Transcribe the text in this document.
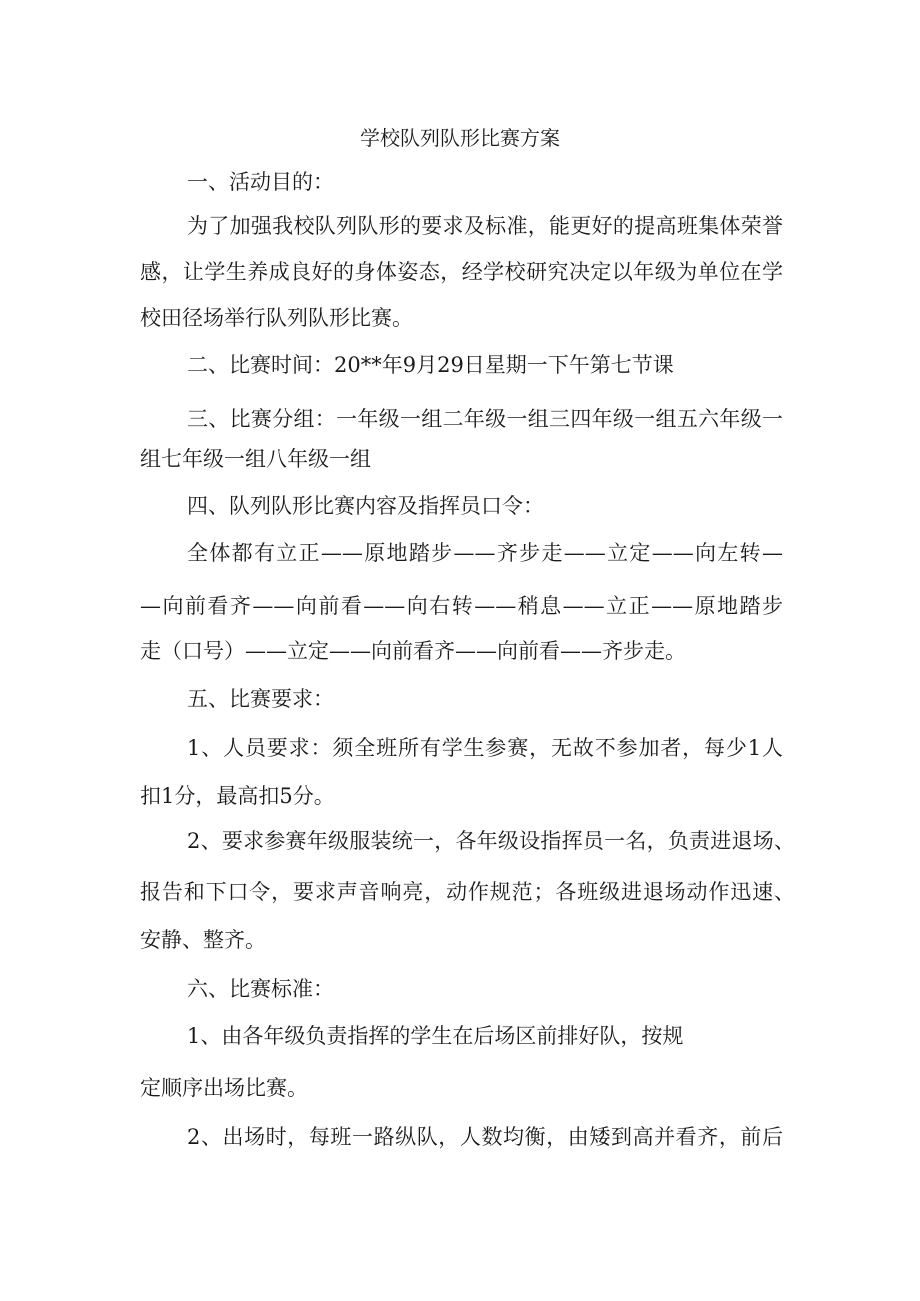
学校队列队形比赛方案

一、活动目的：

为了加强我校队列队形的要求及标准，能更好的提高班集体荣誉

感，让学生养成良好的身体姿态，经学校研究决定以年级为单位在学

校田径场举行队列队形比赛。

二、比赛时间：20**年9月29日星期一下午第七节课

三、比赛分组：一年级一组二年级一组三四年级一组五六年级一

组七年级一组八年级一组

四、队列队形比赛内容及指挥员口令：

全体都有立正——原地踏步——齐步走——立定——向左转—

—向前看齐——向前看——向右转——稍息——立正——原地踏步

走（口号）——立定——向前看齐——向前看——齐步走。

五、比赛要求：

1、人员要求：须全班所有学生参赛，无故不参加者，每少1人

扣1分，最高扣5分。

2、要求参赛年级服装统一，各年级设指挥员一名，负责进退场、

报告和下口令，要求声音响亮，动作规范；各班级进退场动作迅速、

安静、整齐。

六、比赛标准：

1、由各年级负责指挥的学生在后场区前排好队，按规

定顺序出场比赛。

2、出场时，每班一路纵队，人数均衡，由矮到高并看齐，前后
